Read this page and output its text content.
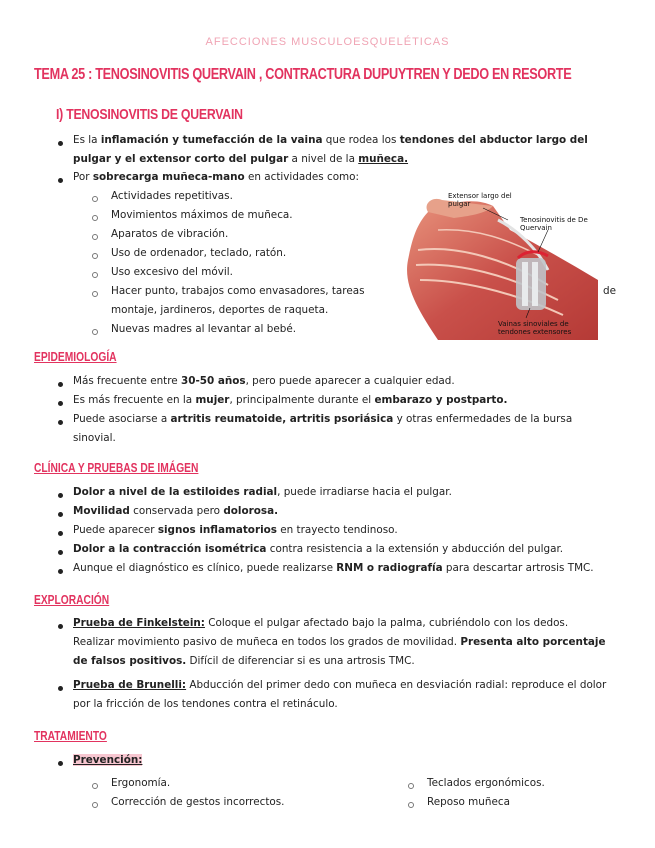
AFECCIONES MUSCULOESQUELÉTICAS
TEMA 25 : TENOSINOVITIS QUERVAIN , CONTRACTURA DUPUYTREN Y DEDO EN RESORTE
I) TENOSINOVITIS DE QUERVAIN
Es la inflamación y tumefacción de la vaina que rodea los tendones del abductor largo del
pulgar y el extensor corto del pulgar a nivel de la muñeca.
Por sobrecarga muñeca-mano en actividades como:
Actividades repetitivas.
Movimientos máximos de muñeca.
Aparatos de vibración.
Uso de ordenador, teclado, ratón.
Uso excesivo del móvil.
Hacer punto, trabajos como envasadores, tareas	de
montaje, jardineros, deportes de raqueta.
Nuevas madres al levantar al bebé.
Extensor largo del pulgar
Tenosinovitis de De Quervain
Vainas sinoviales de tendones extensores
EPIDEMIOLOGÍA
Más frecuente entre 30-50 años, pero puede aparecer a cualquier edad.
Es más frecuente en la mujer, principalmente durante el embarazo y postparto.
Puede asociarse a artritis reumatoide, artritis psoriásica y otras enfermedades de la bursa
sinovial.
CLÍNICA Y PRUEBAS DE IMÁGEN
Dolor a nivel de la estiloides radial, puede irradiarse hacia el pulgar.
Movilidad conservada pero dolorosa.
Puede aparecer signos inflamatorios en trayecto tendinoso.
Dolor a la contracción isométrica contra resistencia a la extensión y abducción del pulgar.
Aunque el diagnóstico es clínico, puede realizarse RNM o radiografía para descartar artrosis TMC.
EXPLORACIÓN
Prueba de Finkelstein: Coloque el pulgar afectado bajo la palma, cubriéndolo con los dedos.
Realizar movimiento pasivo de muñeca en todos los grados de movilidad. Presenta alto porcentaje
de falsos positivos. Difícil de diferenciar si es una artrosis TMC.
Prueba de Brunelli: Abducción del primer dedo con muñeca en desviación radial: reproduce el dolor
por la fricción de los tendones contra el retináculo.
TRATAMIENTO
Prevención:
Ergonomía.
Corrección de gestos incorrectos.
Teclados ergonómicos.
Reposo muñeca
